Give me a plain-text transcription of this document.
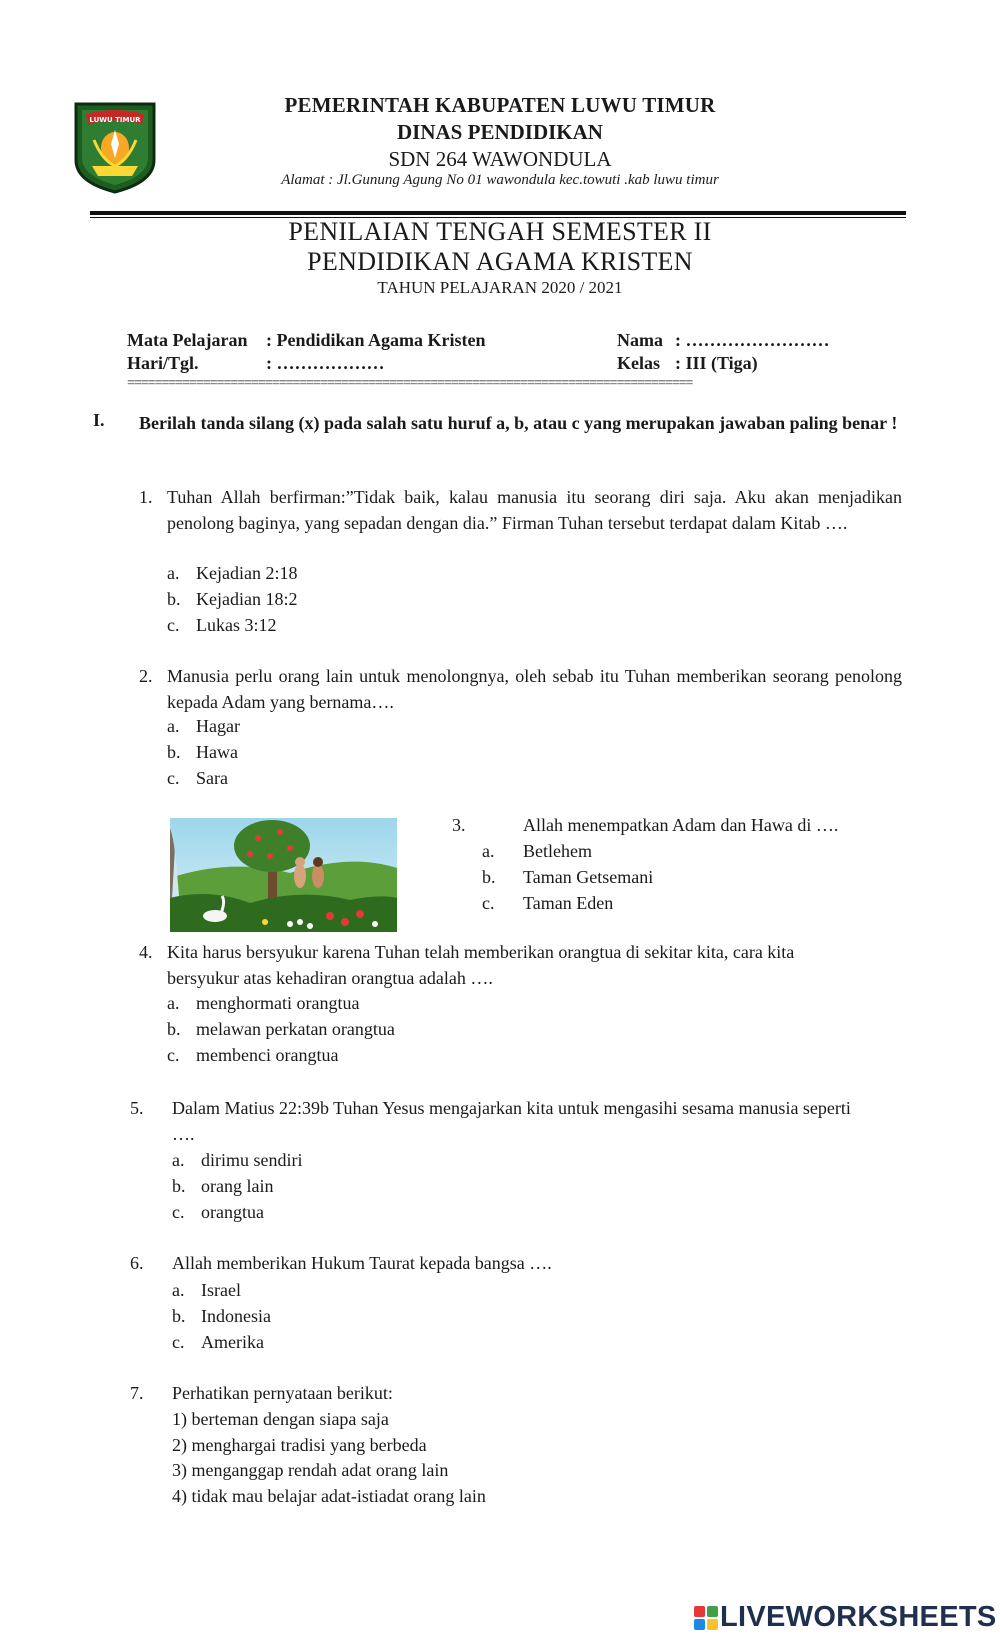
LUWU TIMUR
PEMERINTAH KABUPATEN LUWU TIMUR
DINAS PENDIDIKAN
SDN 264 WAWONDULA
Alamat : Jl.Gunung Agung No 01 wawondula kec.towuti .kab luwu timur
PENILAIAN TENGAH SEMESTER II
PENDIDIKAN AGAMA KRISTEN
TAHUN PELAJARAN 2020 / 2021
Mata Pelajaran : Pendidikan Agama Kristen
Hari/Tgl.	: ………………
Nama : ……………………
Kelas : III (Tiga)
==================================================================================
I. Berilah tanda silang (x) pada salah satu huruf a, b, atau c yang merupakan jawaban paling benar !
1. Tuhan Allah berfirman:”Tidak baik, kalau manusia itu seorang diri saja. Aku akan menjadikan penolong baginya, yang sepadan dengan dia.” Firman Tuhan tersebut terdapat dalam Kitab ….
a. Kejadian 2:18
b. Kejadian 18:2
c. Lukas 3:12
2. Manusia perlu orang lain untuk menolongnya, oleh sebab itu Tuhan memberikan seorang penolong kepada Adam yang bernama….
a. Hagar
b. Hawa
c. Sara
3.	Allah menempatkan Adam dan Hawa di ….
a. Betlehem
b. Taman Getsemani
c. Taman Eden
4. Kita harus bersyukur karena Tuhan telah memberikan orangtua di sekitar kita, cara kita bersyukur atas kehadiran orangtua adalah ….
a. menghormati orangtua
b. melawan perkatan orangtua
c. membenci orangtua
5. Dalam Matius 22:39b Tuhan Yesus mengajarkan kita untuk mengasihi sesama manusia seperti ….
a. dirimu sendiri
b. orang lain
c. orangtua
6. Allah memberikan Hukum Taurat kepada bangsa ….
a. Israel
b. Indonesia
c. Amerika
7. Perhatikan pernyataan berikut:
1) berteman dengan siapa saja
2) menghargai tradisi yang berbeda
3) menganggap rendah adat orang lain
4) tidak mau belajar adat-istiadat orang lain
LIVEWORKSHEETS
